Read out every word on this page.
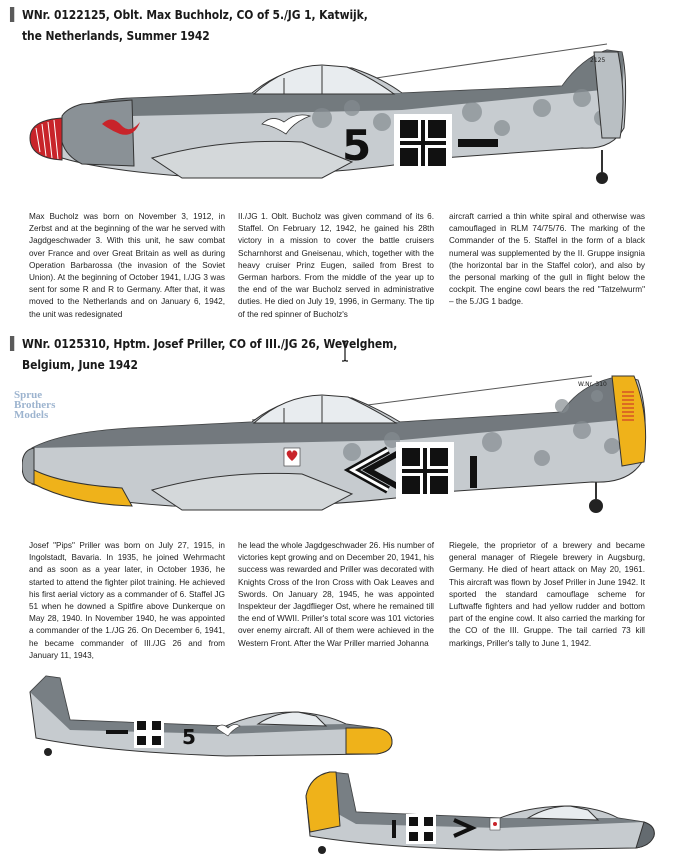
WNr. 0122125, Oblt. Max Buchholz, CO of 5./JG 1, Katwijk,
the Netherlands, Summer 1942
5
2125

Max Bucholz was born on November 3, 1912, in Zerbst and at the beginning of the war he served with Jagdgeschwader 3. With this unit, he saw combat over France and over Great Britain as well as during Operation Barbarossa (the invasion of the Soviet Union). At the beginning of October 1941, I./JG 3 was sent for some R and R to Germany. After that, it was moved to the Netherlands and on January 6, 1942, the unit was redesignated

II./JG 1. Oblt. Bucholz was given command of its 6. Staffel. On February 12, 1942, he gained his 28th victory in a mission to cover the battle cruisers Scharnhorst and Gneisenau, which, together with the heavy cruiser Prinz Eugen, sailed from Brest to German harbors. From the middle of the year up to the end of the war Bucholz served in administrative duties. He died on July 19, 1996, in Germany. The tip of the red spinner of Bucholz's

aircraft carried a thin white spiral and otherwise was camouflaged in RLM 74/75/76. The marking of the Commander of the 5. Staffel in the form of a black numeral was supplemented by the II. Gruppe insignia (the horizontal bar in the Staffel color), and also by the personal marking of the gull in flight below the cockpit. The engine cowl bears the red "Tatzelwurm" – the 5./JG 1 badge.

WNr. 0125310, Hptm. Josef Priller, CO of III./JG 26, Wevelghem,
Belgium, June 1942
Sprue
Brothers
Models
W.Nr. 310

Josef "Pips" Priller was born on July 27, 1915, in Ingolstadt, Bavaria. In 1935, he joined Wehrmacht and as soon as a year later, in October 1936, he started to attend the fighter pilot training. He achieved his first aerial victory as a commander of 6. Staffel JG 51 when he downed a Spitfire above Dunkerque on May 28, 1940. In November 1940, he was appointed a commander of the 1./JG 26. On December 6, 1941, he became commander of III./JG 26 and from January 11, 1943,

he lead the whole Jagdgeschwader 26. His number of victories kept growing and on December 20, 1941, his success was rewarded and Priller was decorated with Knights Cross of the Iron Cross with Oak Leaves and Swords. On January 28, 1945, he was appointed Inspekteur der Jagdflieger Ost, where he remained till the end of WWII. Priller's total score was 101 victories over enemy aircraft. All of them were achieved in the Western Front. After the War Priller married Johanna

Riegele, the proprietor of a brewery and became general manager of Riegele brewery in Augsburg, Germany. He died of heart attack on May 20, 1961. This aircraft was flown by Josef Priller in June 1942. It sported the standard camouflage scheme for Luftwaffe fighters and had yellow rudder and bottom part of the engine cowl. It also carried the marking for the CO of the III. Gruppe. The tail carried 73 kill markings, Priller's tally to June 1, 1942.

5
